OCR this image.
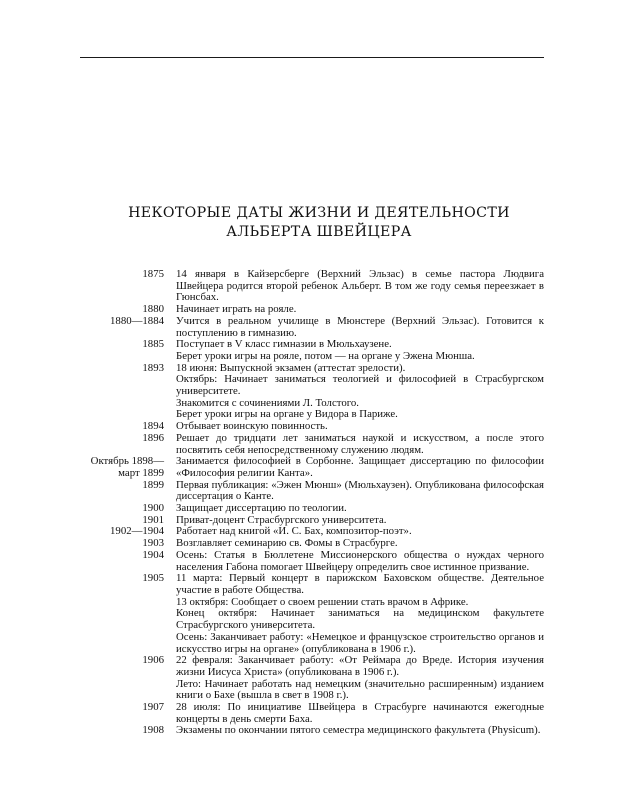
НЕКОТОРЫЕ ДАТЫ ЖИЗНИ И ДЕЯТЕЛЬНОСТИ
АЛЬБЕРТА ШВЕЙЦЕРА
1875 14 января в Кайзерсберге (Верхний Эльзас) в семье пастора Людвига Швейцера родится второй ребенок Альберт. В том же году семья переезжает в Гюнсбах.
1880 Начинает играть на рояле.
1880—1884 Учится в реальном училище в Мюнстере (Верхний Эльзас). Готовится к поступлению в гимназию.
1885 Поступает в V класс гимназии в Мюльхаузене.
Берет уроки игры на рояле, потом — на органе у Эжена Мюнша.
1893 18 июня: Выпускной экзамен (аттестат зрелости).
Октябрь: Начинает заниматься теологией и философией в Страсбургском университете.
Знакомится с сочинениями Л. Толстого.
Берет уроки игры на органе у Видора в Париже.
1894 Отбывает воинскую повинность.
1896 Решает до тридцати лет заниматься наукой и искусством, а после этого посвятить себя непосредственному служению людям.
Октябрь 1898—
март 1899
Занимается философией в Сорбонне. Защищает диссертацию по философии «Философия религии Канта».
1899 Первая публикация: «Эжен Мюнш» (Мюльхаузен). Опубликована философская диссертация о Канте.
1900 Защищает диссертацию по теологии.
1901 Приват-доцент Страсбургского университета.
1902—1904 Работает над книгой «И. С. Бах, композитор-поэт».
1903 Возглавляет семинарию св. Фомы в Страсбурге.
1904 Осень: Статья в Бюллетене Миссионерского общества о нуждах черного населения Габона помогает Швейцеру определить свое истинное призвание.
1905 11 марта: Первый концерт в парижском Баховском обществе. Деятельное участие в работе Общества.
13 октября: Сообщает о своем решении стать врачом в Африке.
Конец октября: Начинает заниматься на медицинском факультете Страсбургского университета.
Осень: Заканчивает работу: «Немецкое и французское строительство органов и искусство игры на органе» (опубликована в 1906 г.).
1906 22 февраля: Заканчивает работу: «От Реймара до Вреде. История изучения жизни Иисуса Христа» (опубликована в 1906 г.).
Лето: Начинает работать над немецким (значительно расширенным) изданием книги о Бахе (вышла в свет в 1908 г.).
1907 28 июля: По инициативе Швейцера в Страсбурге начинаются ежегодные концерты в день смерти Баха.
1908 Экзамены по окончании пятого семестра медицинского факультета (Physicum).
